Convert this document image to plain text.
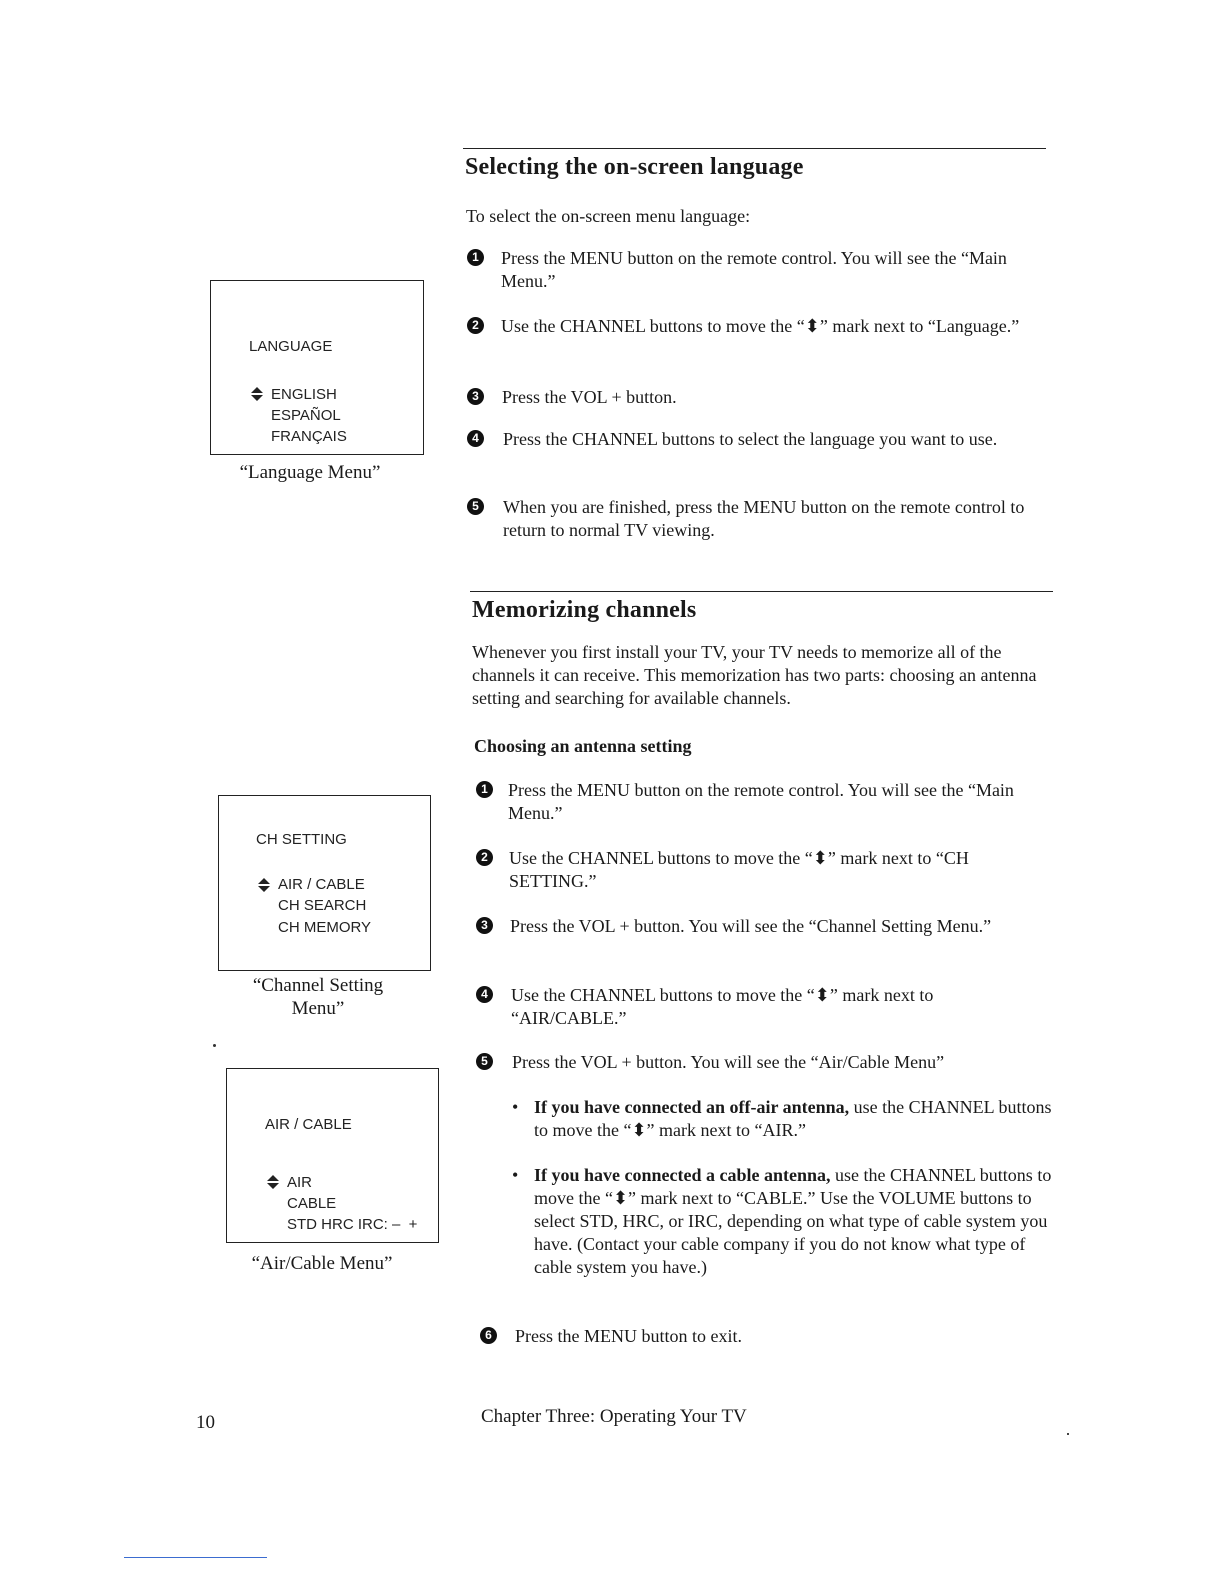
Selecting the on-screen language

To select the on-screen menu language:

1	Press the MENU button on the remote control. You will see the “Main Menu.”
2	Use the CHANNEL buttons to move the “⬍” mark next to “Language.”
3	Press the VOL + button.
4	Press the CHANNEL buttons to select the language you want to use.
5	When you are finished, press the MENU button on the remote control to return to normal TV viewing.
LANGUAGE
ENGLISH
ESPAÑOL
FRANÇAIS
“Language Menu”
Memorizing channels

Whenever you first install your TV, your TV needs to memorize all of the channels it can receive. This memorization has two parts: choosing an antenna setting and searching for available channels.

Choosing an antenna setting
1	Press the MENU button on the remote control. You will see the “Main Menu.”
2	Use the CHANNEL buttons to move the “⬍” mark next to “CH SETTING.”
3	Press the VOL + button. You will see the “Channel Setting Menu.”
4	Use the CHANNEL buttons to move the “⬍” mark next to “AIR/CABLE.”
5	Press the VOL + button. You will see the “Air/Cable Menu”
• If you have connected an off-air antenna, use the CHANNEL buttons to move the “⬍” mark next to “AIR.”
• If you have connected a cable antenna, use the CHANNEL buttons to move the “⬍” mark next to “CABLE.” Use the VOLUME buttons to select STD, HRC, or IRC, depending on what type of cable system you have. (Contact your cable company if you do not know what type of cable system you have.)
6	Press the MENU button to exit.
CH SETTING
AIR / CABLE
CH SEARCH
CH MEMORY
“Channel Setting Menu”
AIR / CABLE
AIR
CABLE
STD HRC IRC: –  +
“Air/Cable Menu”
10	Chapter Three: Operating Your TV
